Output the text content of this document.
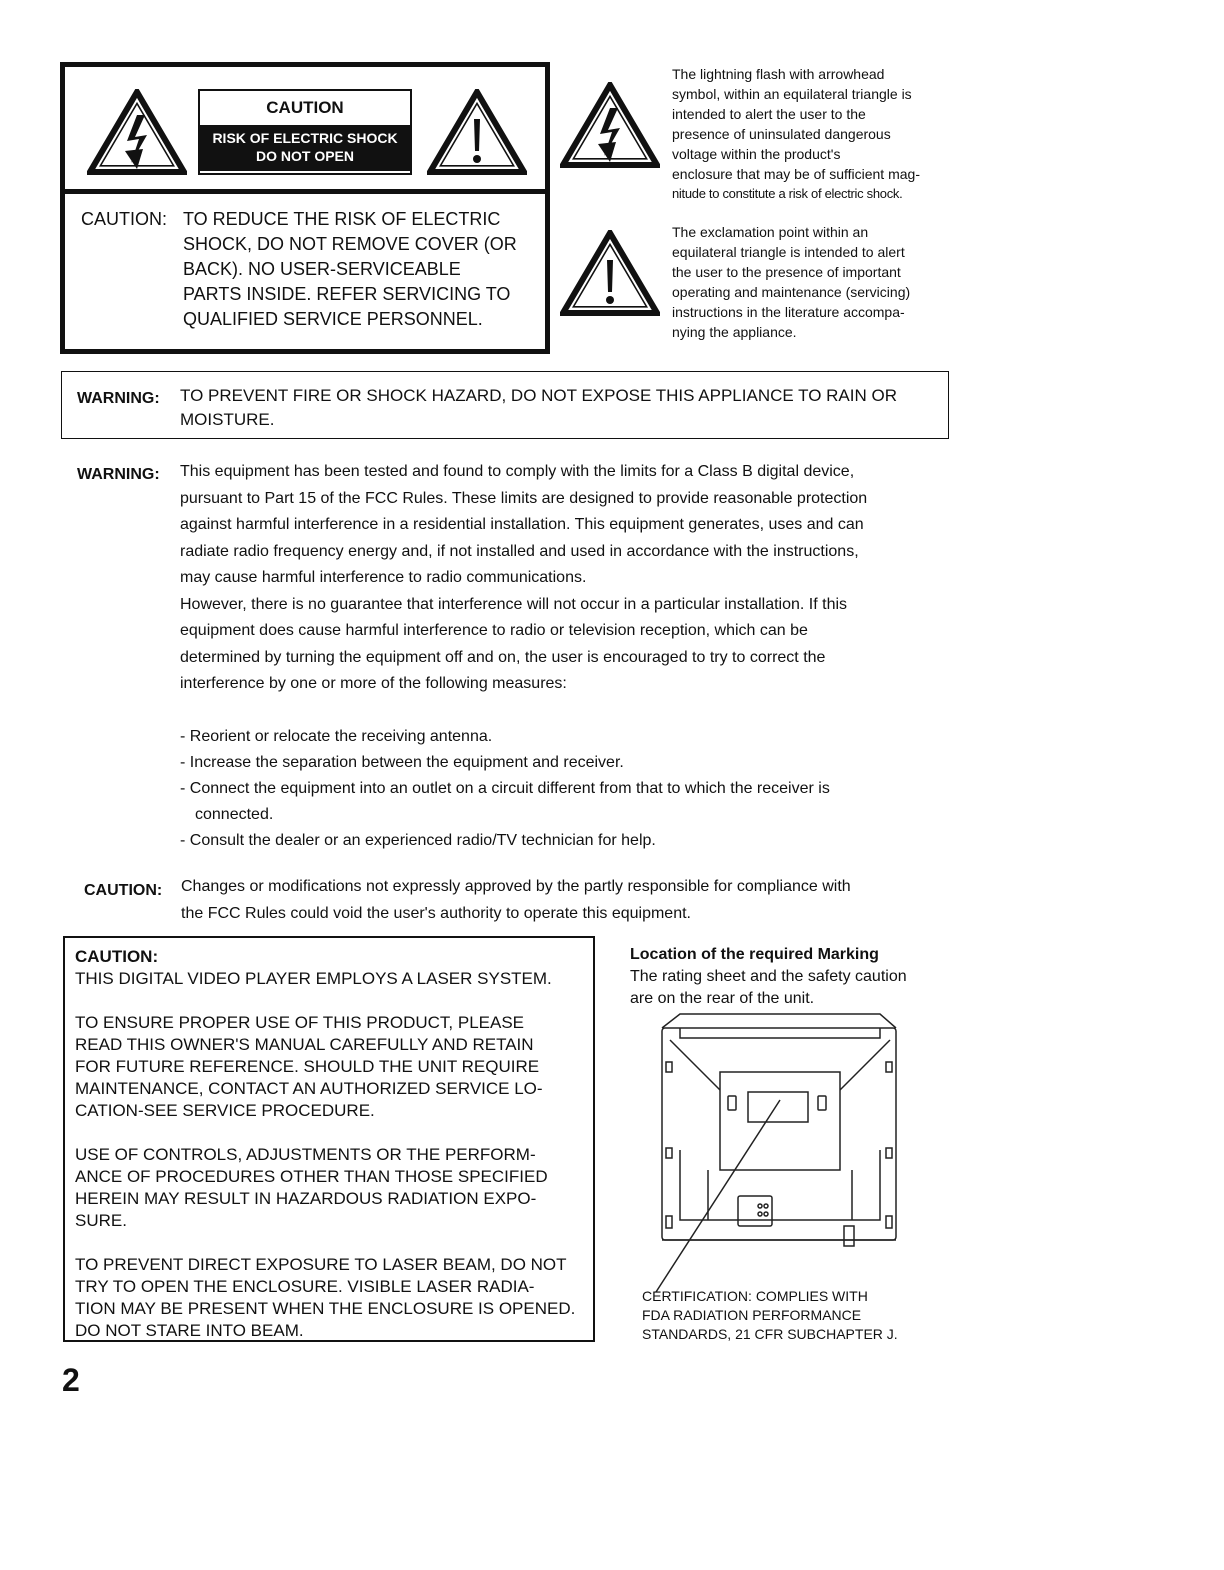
CAUTION
RISK OF ELECTRIC SHOCK
DO NOT OPEN
CAUTION: TO REDUCE THE RISK OF ELECTRIC
SHOCK, DO NOT REMOVE COVER (OR
BACK). NO USER-SERVICEABLE
PARTS INSIDE. REFER SERVICING TO
QUALIFIED SERVICE PERSONNEL.
The lightning flash with arrowhead
symbol, within an equilateral triangle is
intended to alert the user to the
presence of uninsulated dangerous
voltage within the product's
enclosure that may be of sufficient mag-
nitude to constitute a risk of electric shock.
The exclamation point within an
equilateral triangle is intended to alert
the user to the presence of important
operating and maintenance (servicing)
instructions in the literature accompa-
nying the appliance.
WARNING: TO PREVENT FIRE OR SHOCK HAZARD, DO NOT EXPOSE THIS APPLIANCE TO RAIN OR
MOISTURE.
WARNING: This equipment has been tested and found to comply with the limits for a Class B digital device,
pursuant to Part 15 of the FCC Rules. These limits are designed to provide reasonable protection
against harmful interference in a residential installation. This equipment generates, uses and can
radiate radio frequency energy and, if not installed and used in accordance with the instructions,
may cause harmful interference to radio communications.
However, there is no guarantee that interference will not occur in a particular installation. If this
equipment does cause harmful interference to radio or television reception, which can be
determined by turning the equipment off and on, the user is encouraged to try to correct the
interference by one or more of the following measures:
- Reorient or relocate the receiving antenna.
- Increase the separation between the equipment and receiver.
- Connect the equipment into an outlet on a circuit different from that to which the receiver is
connected.
- Consult the dealer or an experienced radio/TV technician for help.
CAUTION: Changes or modifications not expressly approved by the partly responsible for compliance with
the FCC Rules could void the user's authority to operate this equipment.
CAUTION:
THIS DIGITAL VIDEO PLAYER EMPLOYS A LASER SYSTEM.
TO ENSURE PROPER USE OF THIS PRODUCT, PLEASE
READ THIS OWNER'S MANUAL CAREFULLY AND RETAIN
FOR FUTURE REFERENCE. SHOULD THE UNIT REQUIRE
MAINTENANCE, CONTACT AN AUTHORIZED SERVICE LO-
CATION-SEE SERVICE PROCEDURE.
USE OF CONTROLS, ADJUSTMENTS OR THE PERFORM-
ANCE OF PROCEDURES OTHER THAN THOSE SPECIFIED
HEREIN MAY RESULT IN HAZARDOUS RADIATION EXPO-
SURE.
TO PREVENT DIRECT EXPOSURE TO LASER BEAM, DO NOT
TRY TO OPEN THE ENCLOSURE. VISIBLE LASER RADIA-
TION MAY BE PRESENT WHEN THE ENCLOSURE IS OPENED.
DO NOT STARE INTO BEAM.
Location of the required Marking
The rating sheet and the safety caution
are on the rear of the unit.
CERTIFICATION: COMPLIES WITH
FDA RADIATION PERFORMANCE
STANDARDS, 21 CFR SUBCHAPTER J.
2
